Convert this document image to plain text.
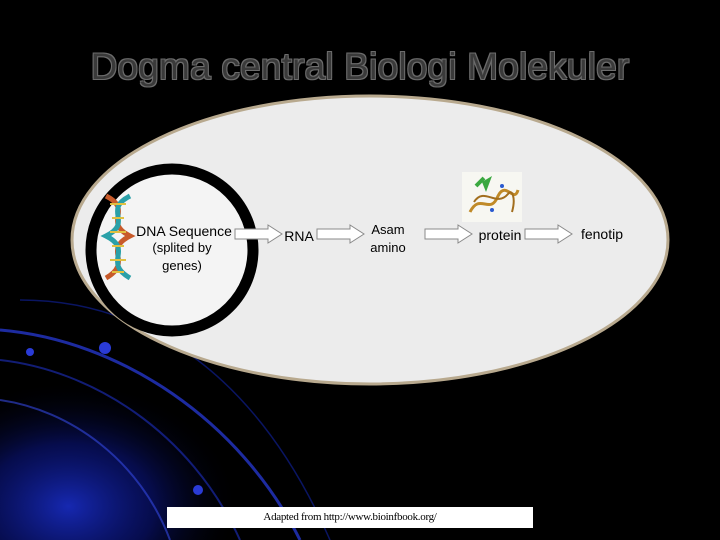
Dogma central Biologi Molekuler
DNA Sequence
(splited by
genes)
RNA	Asam
amino
protein	fenotip
Adapted from http://www.bioinfbook.org/
